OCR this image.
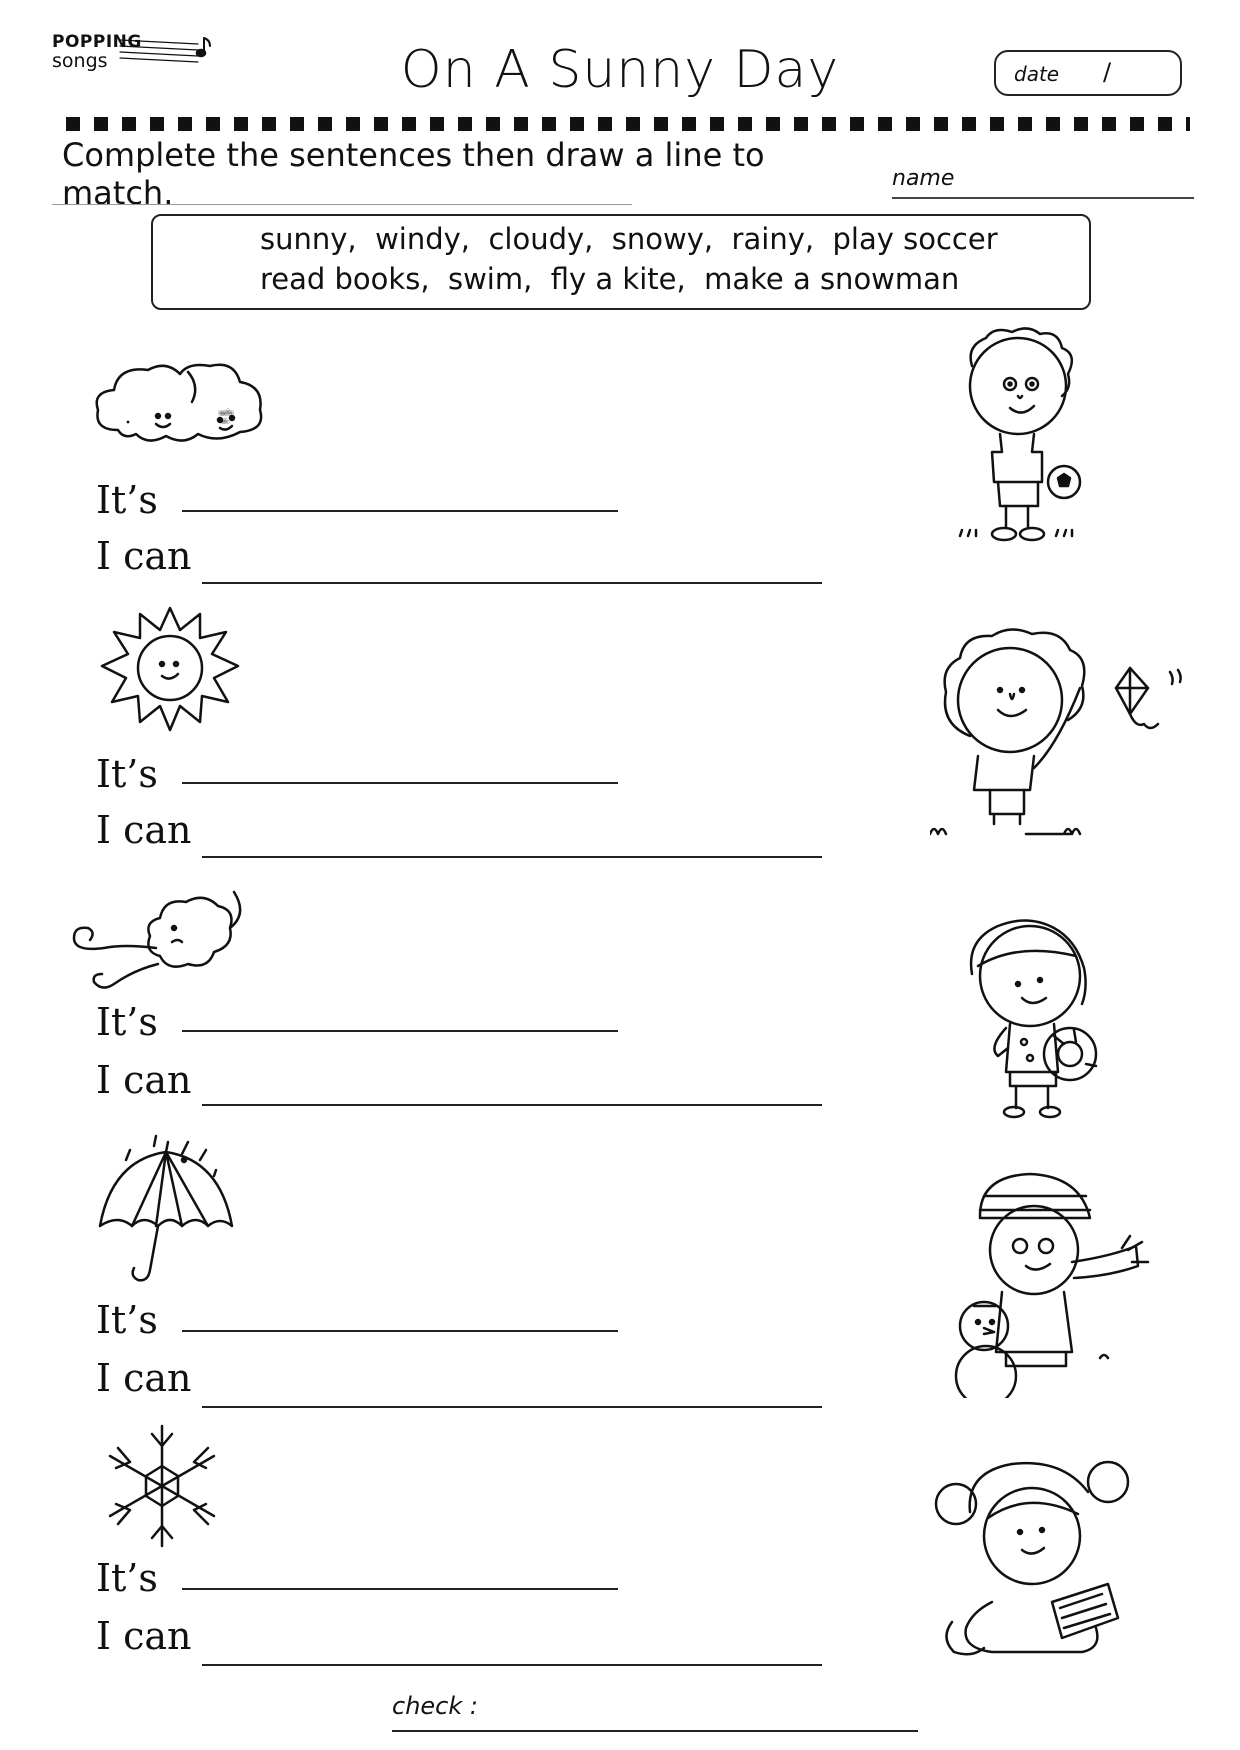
POPPING
songs	On A Sunny Day	date /
Complete the sentences then draw a line to match.	name
sunny,  windy,  cloudy,  snowy,  rainy,  play soccer
read books,  swim,  fly a kite,  make a snowman
It’s
I can
It’s
I can
It’s
I can
It’s
I can
It’s
I can
check :
